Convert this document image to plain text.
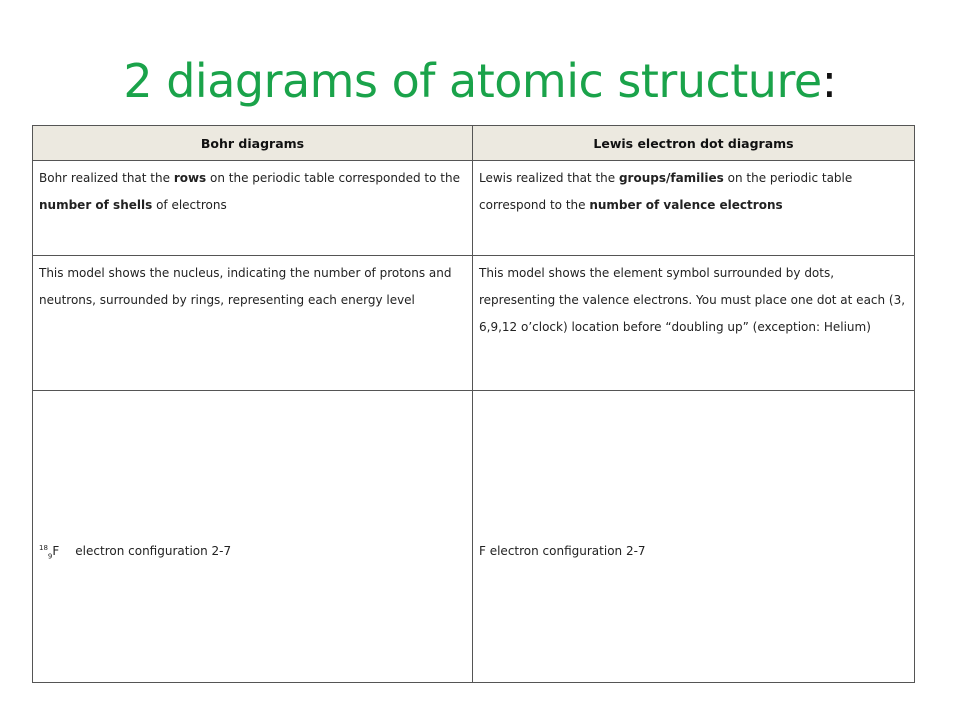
2 diagrams of atomic structure:
Bohr diagrams	Lewis electron dot diagrams
Bohr realized that the rows on the periodic table corresponded to the number of shells of electrons	Lewis realized that the groups/families on the periodic table correspond to the number of valence electrons
This model shows the nucleus, indicating the number of protons and neutrons, surrounded by rings, representing each energy level	This model shows the element symbol surrounded by dots, representing the valence electrons. You must place one dot at each (3, 6,9,12 o’clock) location before “doubling up” (exception: Helium)

$^{18}_9$F electron configuration 2-7	F electron configuration 2-7
